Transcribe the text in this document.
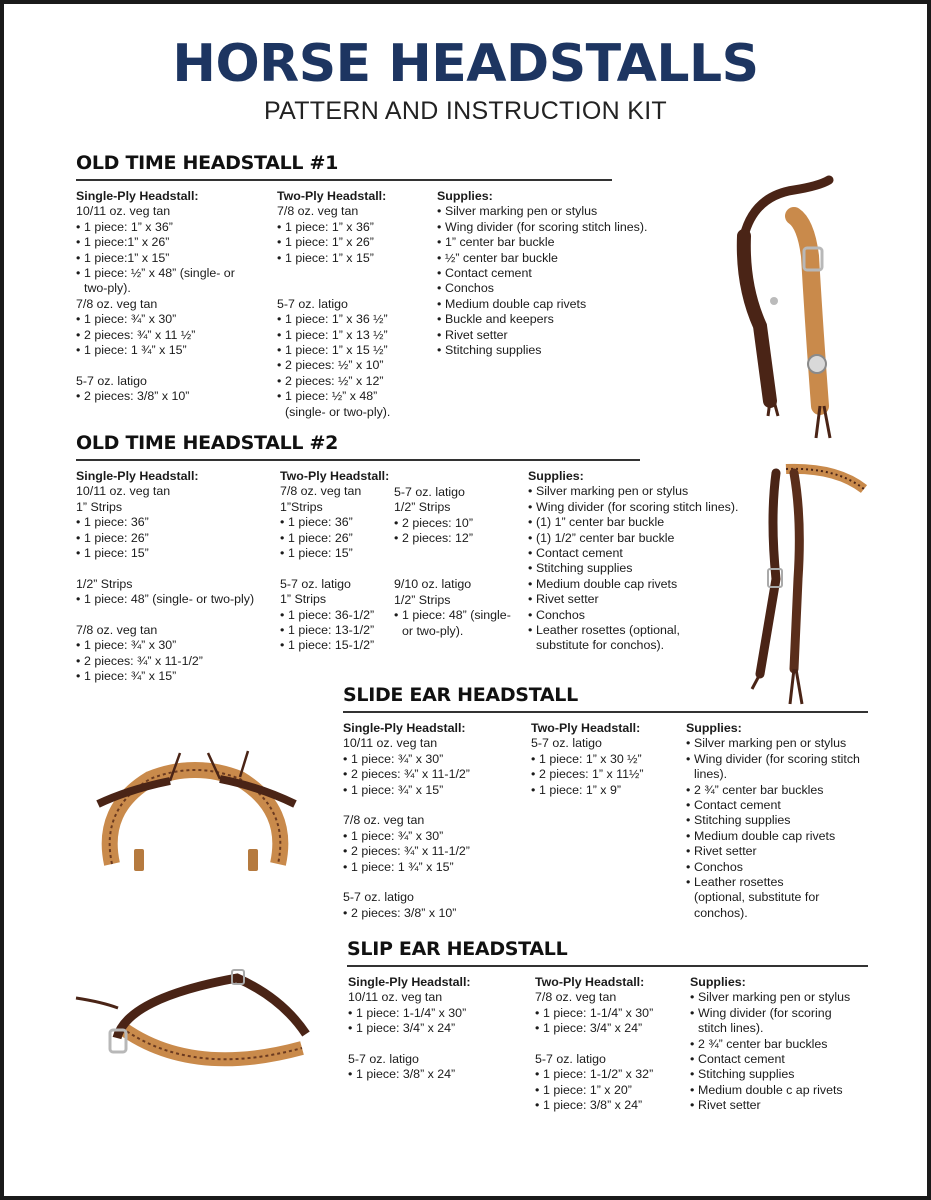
HORSE HEADSTALLS
PATTERN AND INSTRUCTION KIT
OLD TIME HEADSTALL #1
Single-Ply Headstall:
10/11 oz. veg tan
• 1 piece: 1” x 36”
• 1 piece:1” x 26”
• 1 piece:1” x 15”
• 1 piece: ½” x 48” (single- or
two-ply).
7/8 oz. veg tan
• 1 piece: ¾” x 30”
• 2 pieces: ¾” x 11 ½”
• 1 piece: 1 ¾” x 15”
5-7 oz. latigo
• 2 pieces: 3/8” x 10”
Two-Ply Headstall:
7/8 oz. veg tan
• 1 piece: 1” x 36”
• 1 piece: 1” x 26”
• 1 piece: 1” x 15”
5-7 oz. latigo
• 1 piece: 1” x 36 ½”
• 1 piece: 1” x 13 ½”
• 1 piece: 1” x 15 ½”
• 2 pieces: ½” x 10”
• 2 pieces: ½” x 12”
• 1 piece: ½” x 48”
(single- or two-ply).
Supplies:
• Silver marking pen or stylus
• Wing divider (for scoring stitch lines).
• 1” center bar buckle
• ½” center bar buckle
• Contact cement
• Conchos
• Medium double cap rivets
• Buckle and keepers
• Rivet setter
• Stitching supplies
OLD TIME HEADSTALL #2
Single-Ply Headstall:
10/11 oz. veg tan
1” Strips
• 1 piece: 36”
• 1 piece: 26”
• 1 piece: 15”
1/2” Strips
• 1 piece: 48” (single- or two-ply)
7/8 oz. veg tan
• 1 piece: ¾” x 30”
• 2 pieces: ¾” x 11-1/2”
• 1 piece: ¾” x 15”
Two-Ply Headstall:
7/8 oz. veg tan
1”Strips
• 1 piece: 36”
• 1 piece: 26”
• 1 piece: 15”
5-7 oz. latigo
1” Strips
• 1 piece: 36-1/2”
• 1 piece: 13-1/2”
• 1 piece: 15-1/2”
5-7 oz. latigo
1/2” Strips
• 2 pieces: 10”
• 2 pieces: 12”
9/10 oz. latigo
1/2” Strips
• 1 piece: 48” (single-
or two-ply).
Supplies:
• Silver marking pen or stylus
• Wing divider (for scoring stitch lines).
• (1) 1” center bar buckle
• (1) 1/2” center bar buckle
• Contact cement
• Stitching supplies
• Medium double cap rivets
• Rivet setter
• Conchos
• Leather rosettes (optional,
substitute for conchos).
SLIDE EAR HEADSTALL
Single-Ply Headstall:
10/11 oz. veg tan
• 1 piece: ¾” x 30”
• 2 pieces: ¾” x 11-1/2”
• 1 piece: ¾” x 15”
7/8 oz. veg tan
• 1 piece: ¾” x 30”
• 2 pieces: ¾” x 11-1/2”
• 1 piece: 1 ¾” x 15”
5-7 oz. latigo
• 2 pieces: 3/8” x 10”
Two-Ply Headstall:
5-7 oz. latigo
• 1 piece: 1” x 30 ½”
• 2 pieces: 1” x 11½”
• 1 piece: 1” x 9”
Supplies:
• Silver marking pen or stylus
• Wing divider (for scoring stitch
lines).
• 2 ¾” center bar buckles
• Contact cement
• Stitching supplies
• Medium double cap rivets
• Rivet setter
• Conchos
• Leather rosettes
(optional, substitute for
conchos).
SLIP EAR HEADSTALL
Single-Ply Headstall:
10/11 oz. veg tan
• 1 piece: 1-1/4” x 30”
• 1 piece: 3/4” x 24”
5-7 oz. latigo
• 1 piece: 3/8” x 24”
Two-Ply Headstall:
7/8 oz. veg tan
• 1 piece: 1-1/4” x 30”
• 1 piece: 3/4” x 24”
5-7 oz. latigo
• 1 piece: 1-1/2” x 32”
• 1 piece: 1” x 20”
• 1 piece: 3/8” x 24”
Supplies:
• Silver marking pen or stylus
• Wing divider (for scoring
stitch lines).
• 2 ¾” center bar buckles
• Contact cement
• Stitching supplies
• Medium double c ap rivets
• Rivet setter
